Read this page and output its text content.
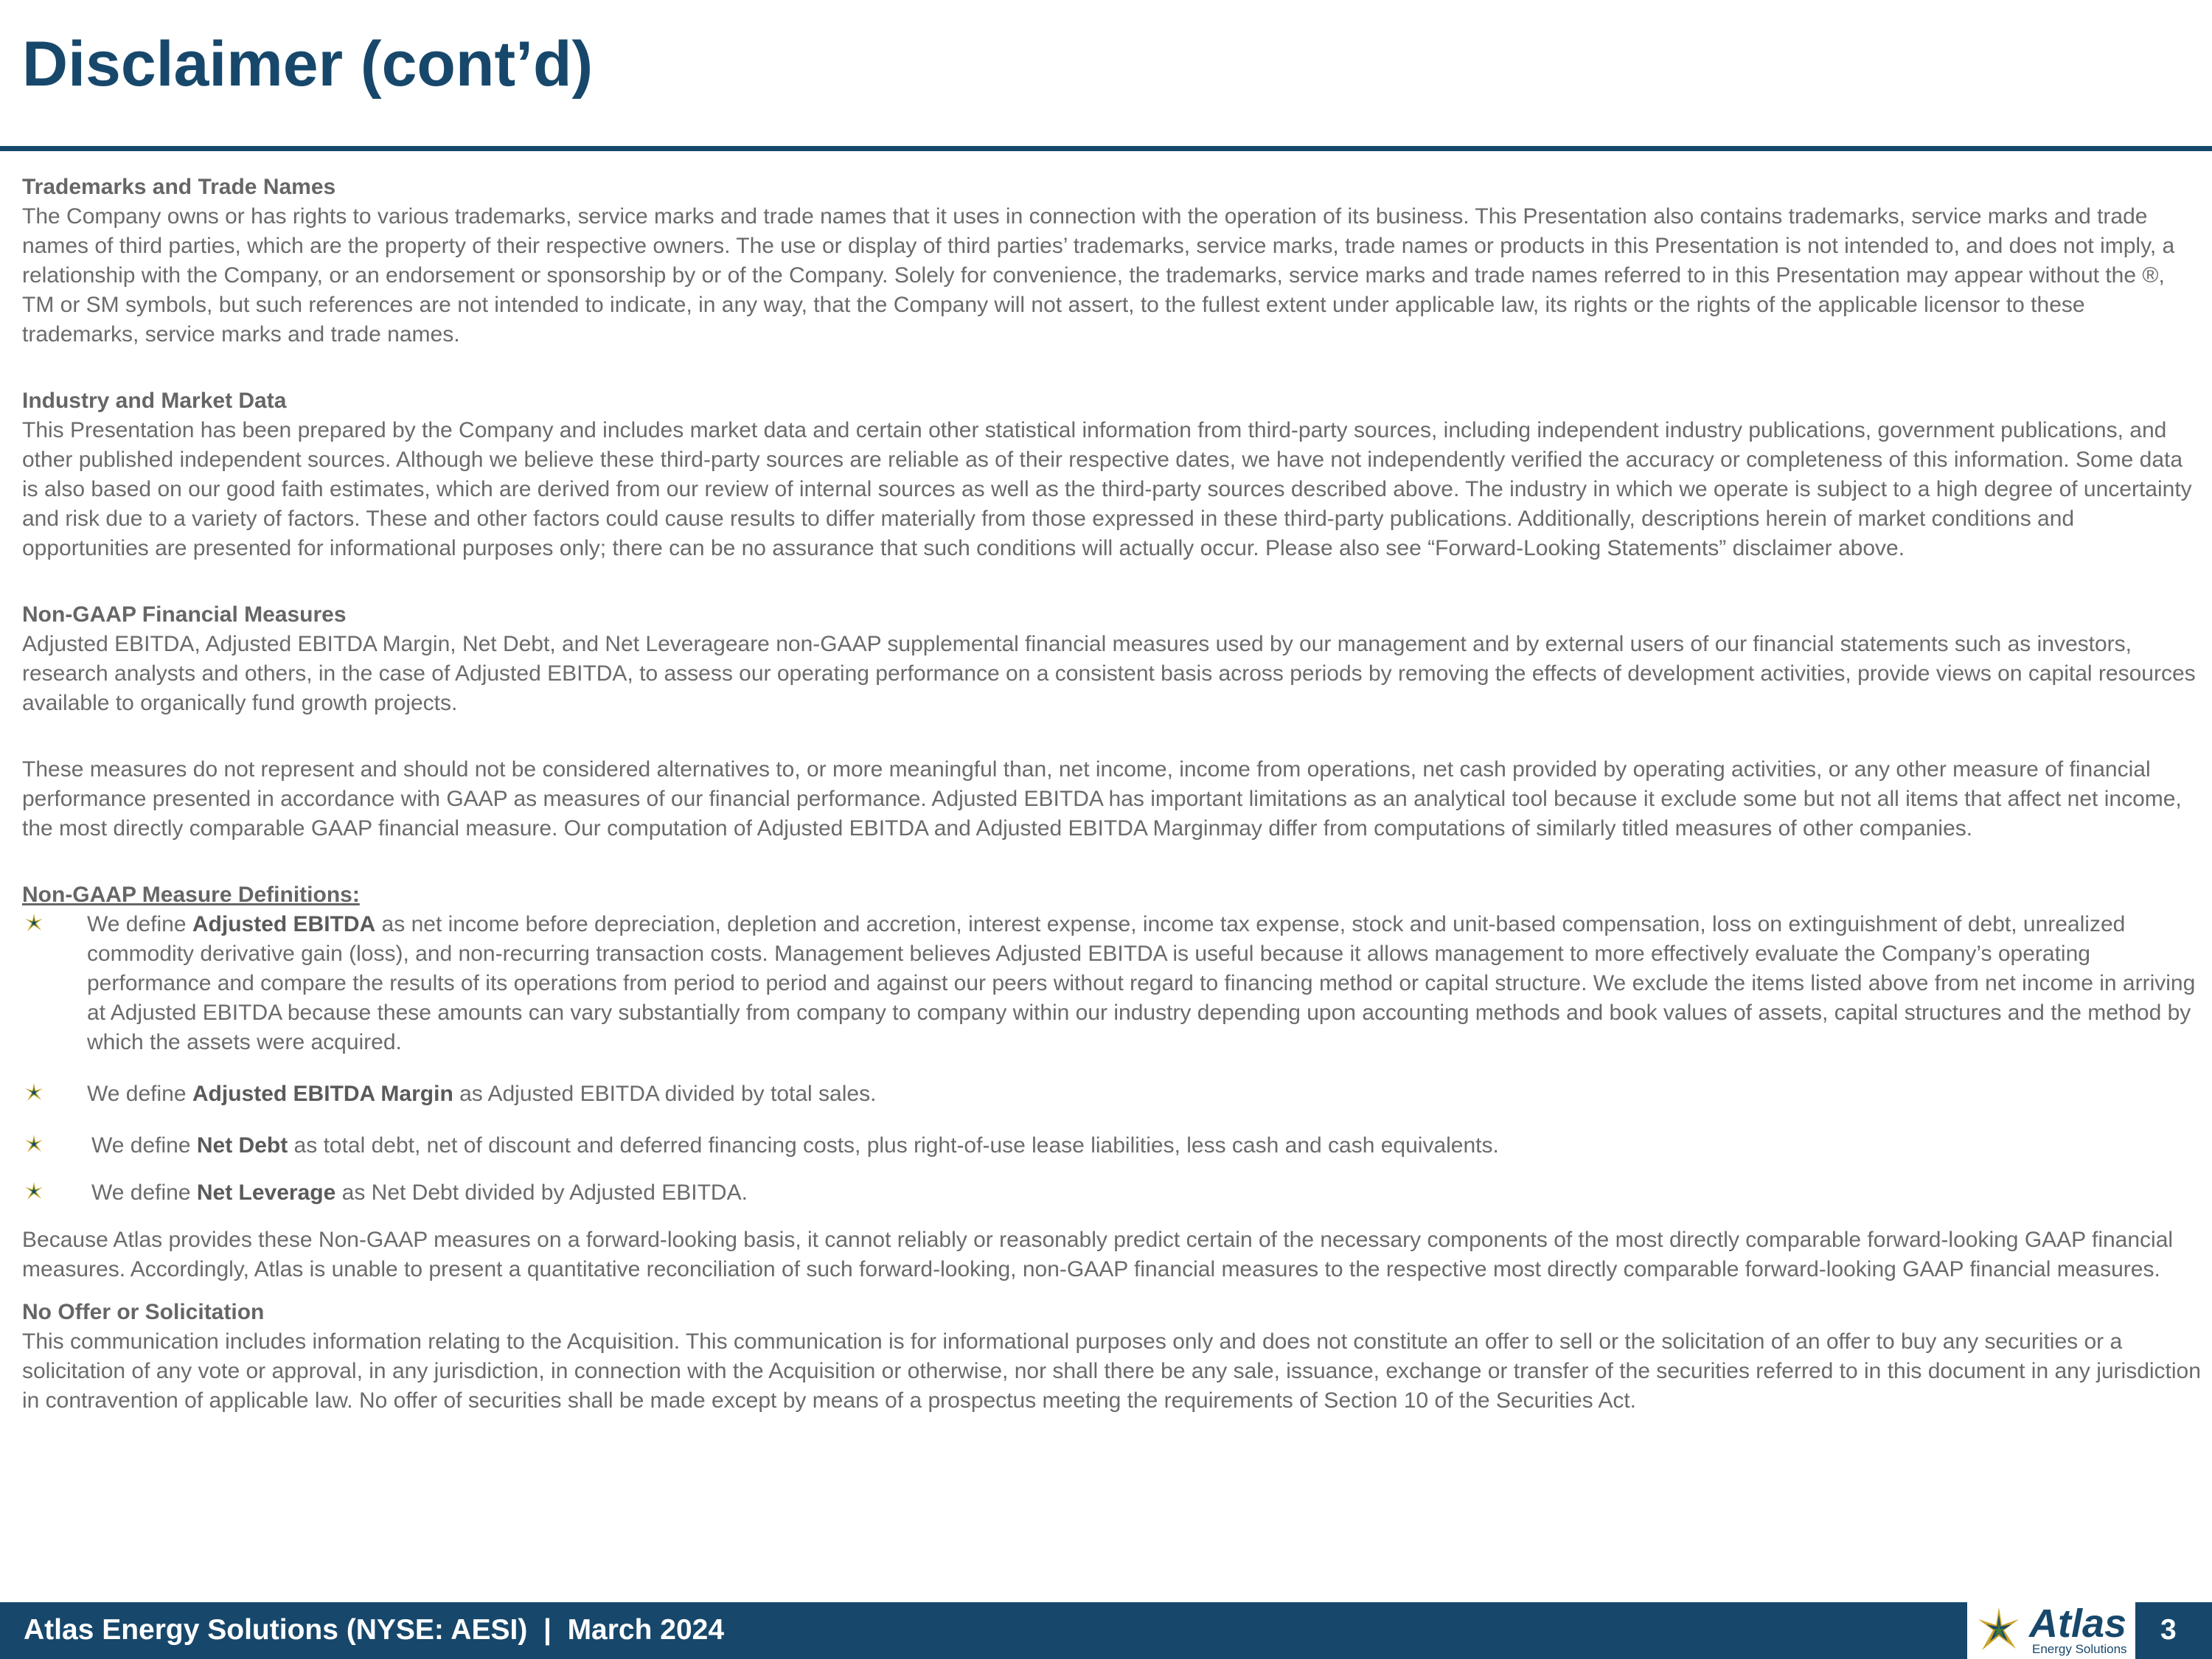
Disclaimer (cont’d)
Trademarks and Trade Names

The Company owns or has rights to various trademarks, service marks and trade names that it uses in connection with the operation of its business. This Presentation also contains trademarks, service marks and trade names of third parties, which are the property of their respective owners. The use or display of third parties’ trademarks, service marks, trade names or products in this Presentation is not intended to, and does not imply, a relationship with the Company, or an endorsement or sponsorship by or of the Company. Solely for convenience, the trademarks, service marks and trade names referred to in this Presentation may appear without the ®, TM or SM symbols, but such references are not intended to indicate, in any way, that the Company will not assert, to the fullest extent under applicable law, its rights or the rights of the applicable licensor to these trademarks, service marks and trade names.

Industry and Market Data

This Presentation has been prepared by the Company and includes market data and certain other statistical information from third-party sources, including independent industry publications, government publications, and other published independent sources. Although we believe these third-party sources are reliable as of their respective dates, we have not independently verified the accuracy or completeness of this information. Some data is also based on our good faith estimates, which are derived from our review of internal sources as well as the third-party sources described above. The industry in which we operate is subject to a high degree of uncertainty and risk due to a variety of factors. These and other factors could cause results to differ materially from those expressed in these third-party publications. Additionally, descriptions herein of market conditions and opportunities are presented for informational purposes only; there can be no assurance that such conditions will actually occur. Please also see “Forward-Looking Statements” disclaimer above.

Non-GAAP Financial Measures

Adjusted EBITDA, Adjusted EBITDA Margin, Net Debt, and Net Leverageare non-GAAP supplemental financial measures used by our management and by external users of our financial statements such as investors, research analysts and others, in the case of Adjusted EBITDA, to assess our operating performance on a consistent basis across periods by removing the effects of development activities, provide views on capital resources available to organically fund growth projects.

These measures do not represent and should not be considered alternatives to, or more meaningful than, net income, income from operations, net cash provided by operating activities, or any other measure of financial performance presented in accordance with GAAP as measures of our financial performance. Adjusted EBITDA has important limitations as an analytical tool because it exclude some but not all items that affect net income, the most directly comparable GAAP financial measure. Our computation of Adjusted EBITDA and Adjusted EBITDA Marginmay differ from computations of similarly titled measures of other companies.

Non-GAAP Measure Definitions:
We define Adjusted EBITDA as net income before depreciation, depletion and accretion, interest expense, income tax expense, stock and unit-based compensation, loss on extinguishment of debt, unrealized commodity derivative gain (loss), and non-recurring transaction costs. Management believes Adjusted EBITDA is useful because it allows management to more effectively evaluate the Company’s operating performance and compare the results of its operations from period to period and against our peers without regard to financing method or capital structure. We exclude the items listed above from net income in arriving at Adjusted EBITDA because these amounts can vary substantially from company to company within our industry depending upon accounting methods and book values of assets, capital structures and the method by which the assets were acquired.
We define Adjusted EBITDA Margin as Adjusted EBITDA divided by total sales.
We define Net Debt as total debt, net of discount and deferred financing costs, plus right-of-use lease liabilities, less cash and cash equivalents.
We define Net Leverage as Net Debt divided by Adjusted EBITDA.

Because Atlas provides these Non-GAAP measures on a forward-looking basis, it cannot reliably or reasonably predict certain of the necessary components of the most directly comparable forward-looking GAAP financial measures. Accordingly, Atlas is unable to present a quantitative reconciliation of such forward-looking, non-GAAP financial measures to the respective most directly comparable forward-looking GAAP financial measures.

No Offer or Solicitation

This communication includes information relating to the Acquisition. This communication is for informational purposes only and does not constitute an offer to sell or the solicitation of an offer to buy any securities or a solicitation of any vote or approval, in any jurisdiction, in connection with the Acquisition or otherwise, nor shall there be any sale, issuance, exchange or transfer of the securities referred to in this document in any jurisdiction in contravention of applicable law. No offer of securities shall be made except by means of a prospectus meeting the requirements of Section 10 of the Securities Act.

Atlas Energy Solutions (NYSE: AESI)  |  March 2024	Atlas
Energy Solutions
3
